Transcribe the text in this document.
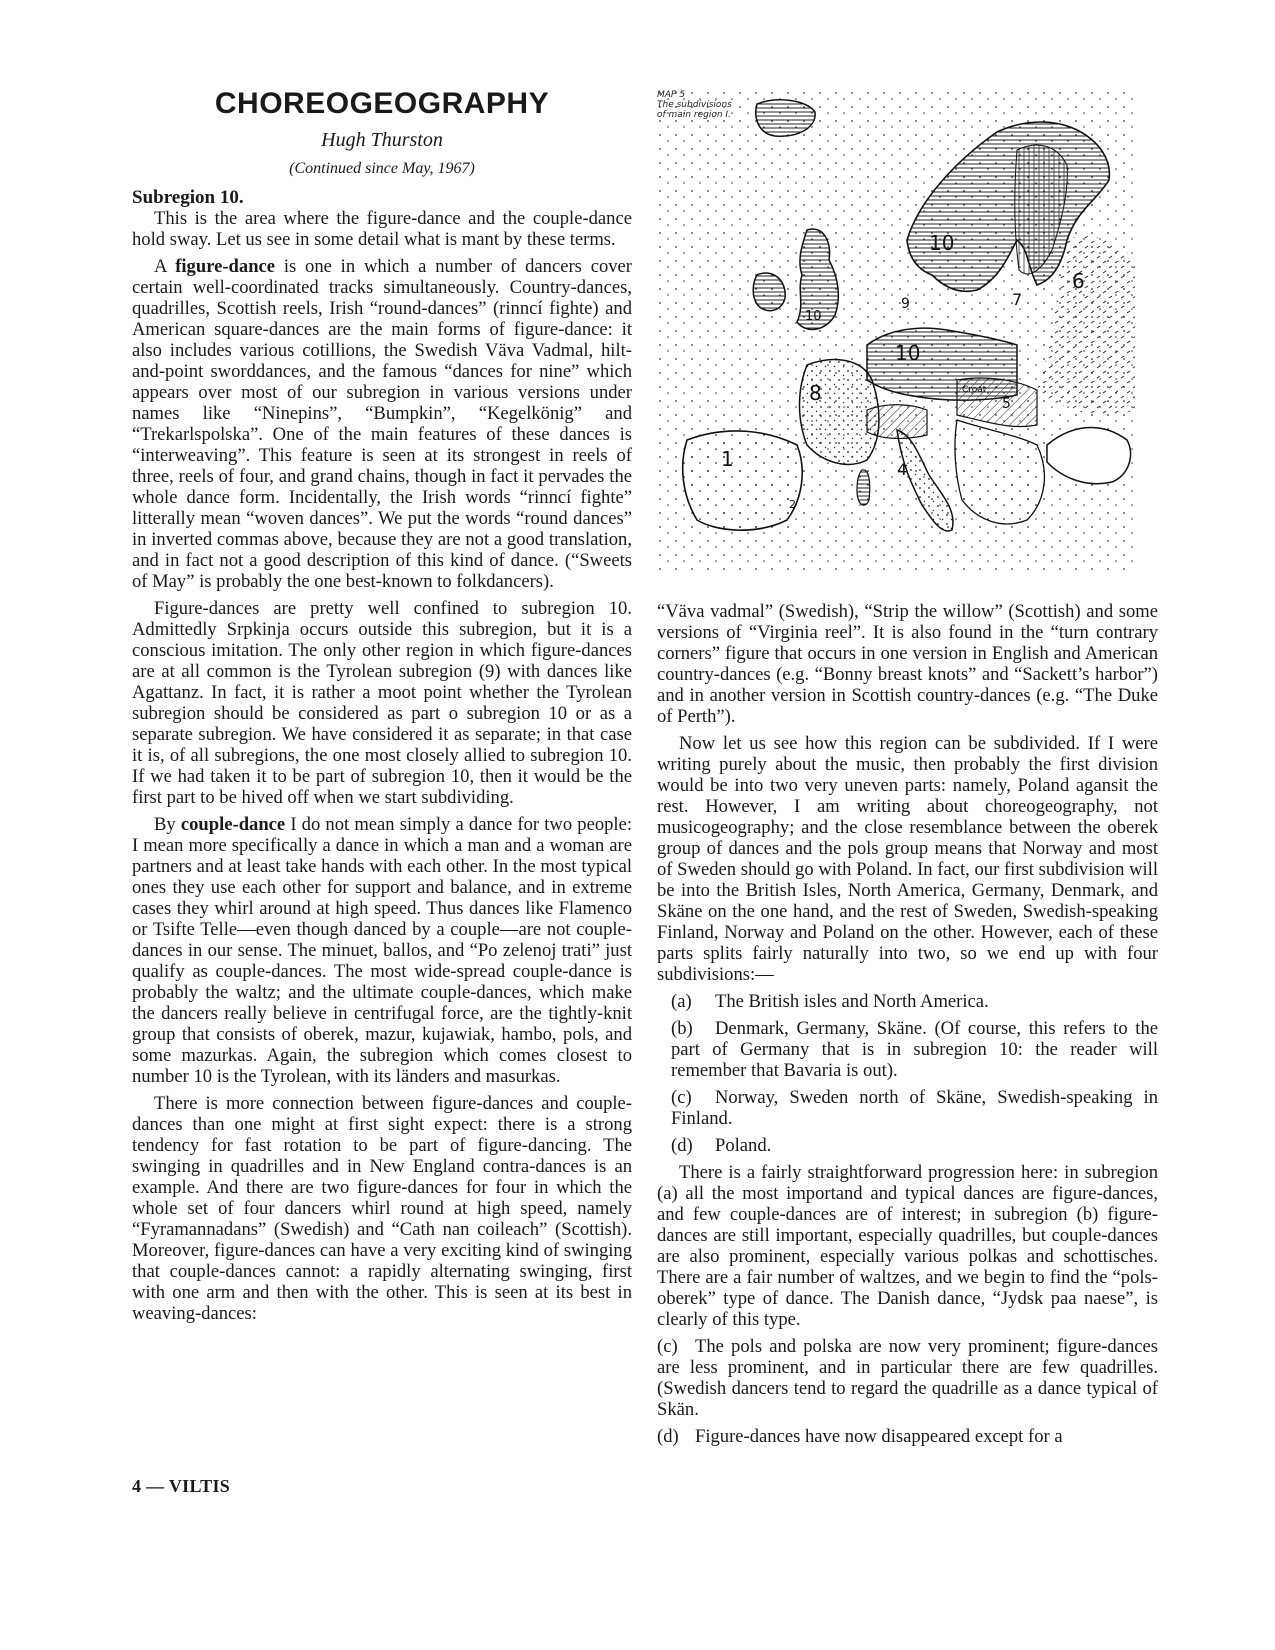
CHOREOGEOGRAPHY
Hugh Thurston
(Continued since May, 1967)
Subregion 10.

This is the area where the figure-dance and the couple-dance hold sway. Let us see in some detail what is mant by these terms.

A figure-dance is one in which a number of dancers cover certain well-coordinated tracks simultaneously. Country-dances, quadrilles, Scottish reels, Irish “round-dances” (rinncí fighte) and American square-dances are the main forms of figure-dance: it also includes various cotillions, the Swedish Väva Vadmal, hilt-and-point sworddances, and the famous “dances for nine” which appears over most of our subregion in various versions under names like “Ninepins”, “Bumpkin”, “Kegelkönig” and “Trekarlspolska”. One of the main features of these dances is “interweaving”. This feature is seen at its strongest in reels of three, reels of four, and grand chains, though in fact it pervades the whole dance form. Incidentally, the Irish words “rinncí fighte” litterally mean “woven dances”. We put the words “round dances” in inverted commas above, because they are not a good translation, and in fact not a good description of this kind of dance. (“Sweets of May” is probably the one best-known to folkdancers).

Figure-dances are pretty well confined to subregion 10. Admittedly Srpkinja occurs outside this subregion, but it is a conscious imitation. The only other region in which figure-dances are at all common is the Tyrolean subregion (9) with dances like Agattanz. In fact, it is rather a moot point whether the Tyrolean subregion should be considered as part o subregion 10 or as a separate subregion. We have considered it as separate; in that case it is, of all subregions, the one most closely allied to subregion 10. If we had taken it to be part of subregion 10, then it would be the first part to be hived off when we start subdividing.

By couple-dance I do not mean simply a dance for two people: I mean more specifically a dance in which a man and a woman are partners and at least take hands with each other. In the most typical ones they use each other for support and balance, and in extreme cases they whirl around at high speed. Thus dances like Flamenco or Tsifte Telle—even though danced by a couple—are not couple-dances in our sense. The minuet, ballos, and “Po zelenoj trati” just qualify as couple-dances. The most wide-spread couple-dance is probably the waltz; and the ultimate couple-dances, which make the dancers really believe in centrifugal force, are the tightly-knit group that consists of oberek, mazur, kujawiak, hambo, pols, and some mazurkas. Again, the subregion which comes closest to number 10 is the Tyrolean, with its länders and masurkas.

There is more connection between figure-dances and couple-dances than one might at first sight expect: there is a strong tendency for fast rotation to be part of figure-dancing. The swinging in quadrilles and in New England contra-dances is an example. And there are two figure-dances for four in which the whole set of four dancers whirl round at high speed, namely “Fyramannadans” (Swedish) and “Cath nan coileach” (Scottish). Moreover, figure-dances can have a very exciting kind of swinging that couple-dances cannot: a rapidly alternating swinging, first with one arm and then with the other. This is seen at its best in weaving-dances:

10
10
10
6
7
8
1	4
5
9
2
Croat
MAP 5
The subdivisions
of main region I.

“Väva vadmal” (Swedish), “Strip the willow” (Scottish) and some versions of “Virginia reel”. It is also found in the “turn contrary corners” figure that occurs in one version in English and American country-dances (e.g. “Bonny breast knots” and “Sackett’s harbor”) and in another version in Scottish country-dances (e.g. “The Duke of Perth”).

Now let us see how this region can be subdivided. If I were writing purely about the music, then probably the first division would be into two very uneven parts: namely, Poland agansit the rest. However, I am writing about choreogeography, not musicogeography; and the close resemblance between the oberek group of dances and the pols group means that Norway and most of Sweden should go with Poland. In fact, our first subdivision will be into the British Isles, North America, Germany, Denmark, and Skäne on the one hand, and the rest of Sweden, Swedish-speaking Finland, Norway and Poland on the other. However, each of these parts splits fairly naturally into two, so we end up with four subdivisions:—

(a) The British isles and North America.

(b) Denmark, Germany, Skäne. (Of course, this refers to the part of Germany that is in subregion 10: the reader will remember that Bavaria is out).

(c) Norway, Sweden north of Skäne, Swedish-speaking in Finland.

(d) Poland.

There is a fairly straightforward progression here: in subregion (a) all the most importand and typical dances are figure-dances, and few couple-dances are of interest; in subregion (b) figure-dances are still important, especially quadrilles, but couple-dances are also prominent, especially various polkas and schottisches. There are a fair number of waltzes, and we begin to find the “pols-oberek” type of dance. The Danish dance, “Jydsk paa naese”, is clearly of this type.

(c) The pols and polska are now very prominent; figure-dances are less prominent, and in particular there are few quadrilles. (Swedish dancers tend to regard the quadrille as a dance typical of Skän.

(d) Figure-dances have now disappeared except for a

4 — VILTIS
